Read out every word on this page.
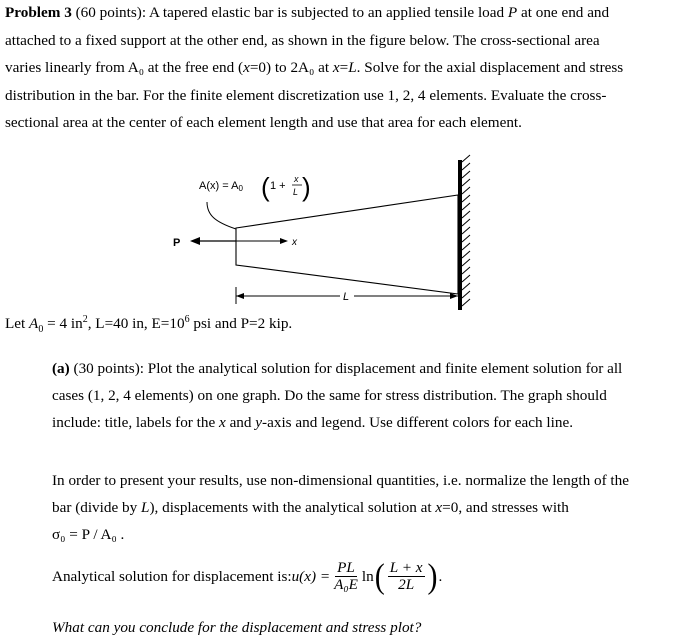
Problem 3 (60 points): A tapered elastic bar is subjected to an applied tensile load P at one end and
attached to a fixed support at the other end, as shown in the figure below. The cross-sectional area
varies linearly from A₀ at the free end (x=0) to 2A₀ at x=L. Solve for the axial displacement and stress
distribution in the bar. For the finite element discretization use 1, 2, 4 elements. Evaluate the cross-
sectional area at the center of each element length and use that area for each element.
A(x) = A0 ( 1 +
x
L )
P	x
L
Let $A_0 = 4$ $in^2$, L=40 in, $E=10^6$ psi and P=2 kip.
(a) (30 points): Plot the analytical solution for displacement and finite element solution for all cases (1, 2, 4 elements) on one graph. Do the same for stress distribution. The graph should include: title, labels for the x and y-axis and legend. Use different colors for each line.
In order to present your results, use non-dimensional quantities, i.e. normalize the length of the bar (divide by L), displacements with the analytical solution at x=0, and stresses with
σ₀ = P / A₀ .
Analytical solution for displacement is: $u(x) = \frac{PL}{\text{A₀E}}$ ln ( $\frac{L + x}{2L}$ ) .
What can you conclude for the displacement and stress plot?
